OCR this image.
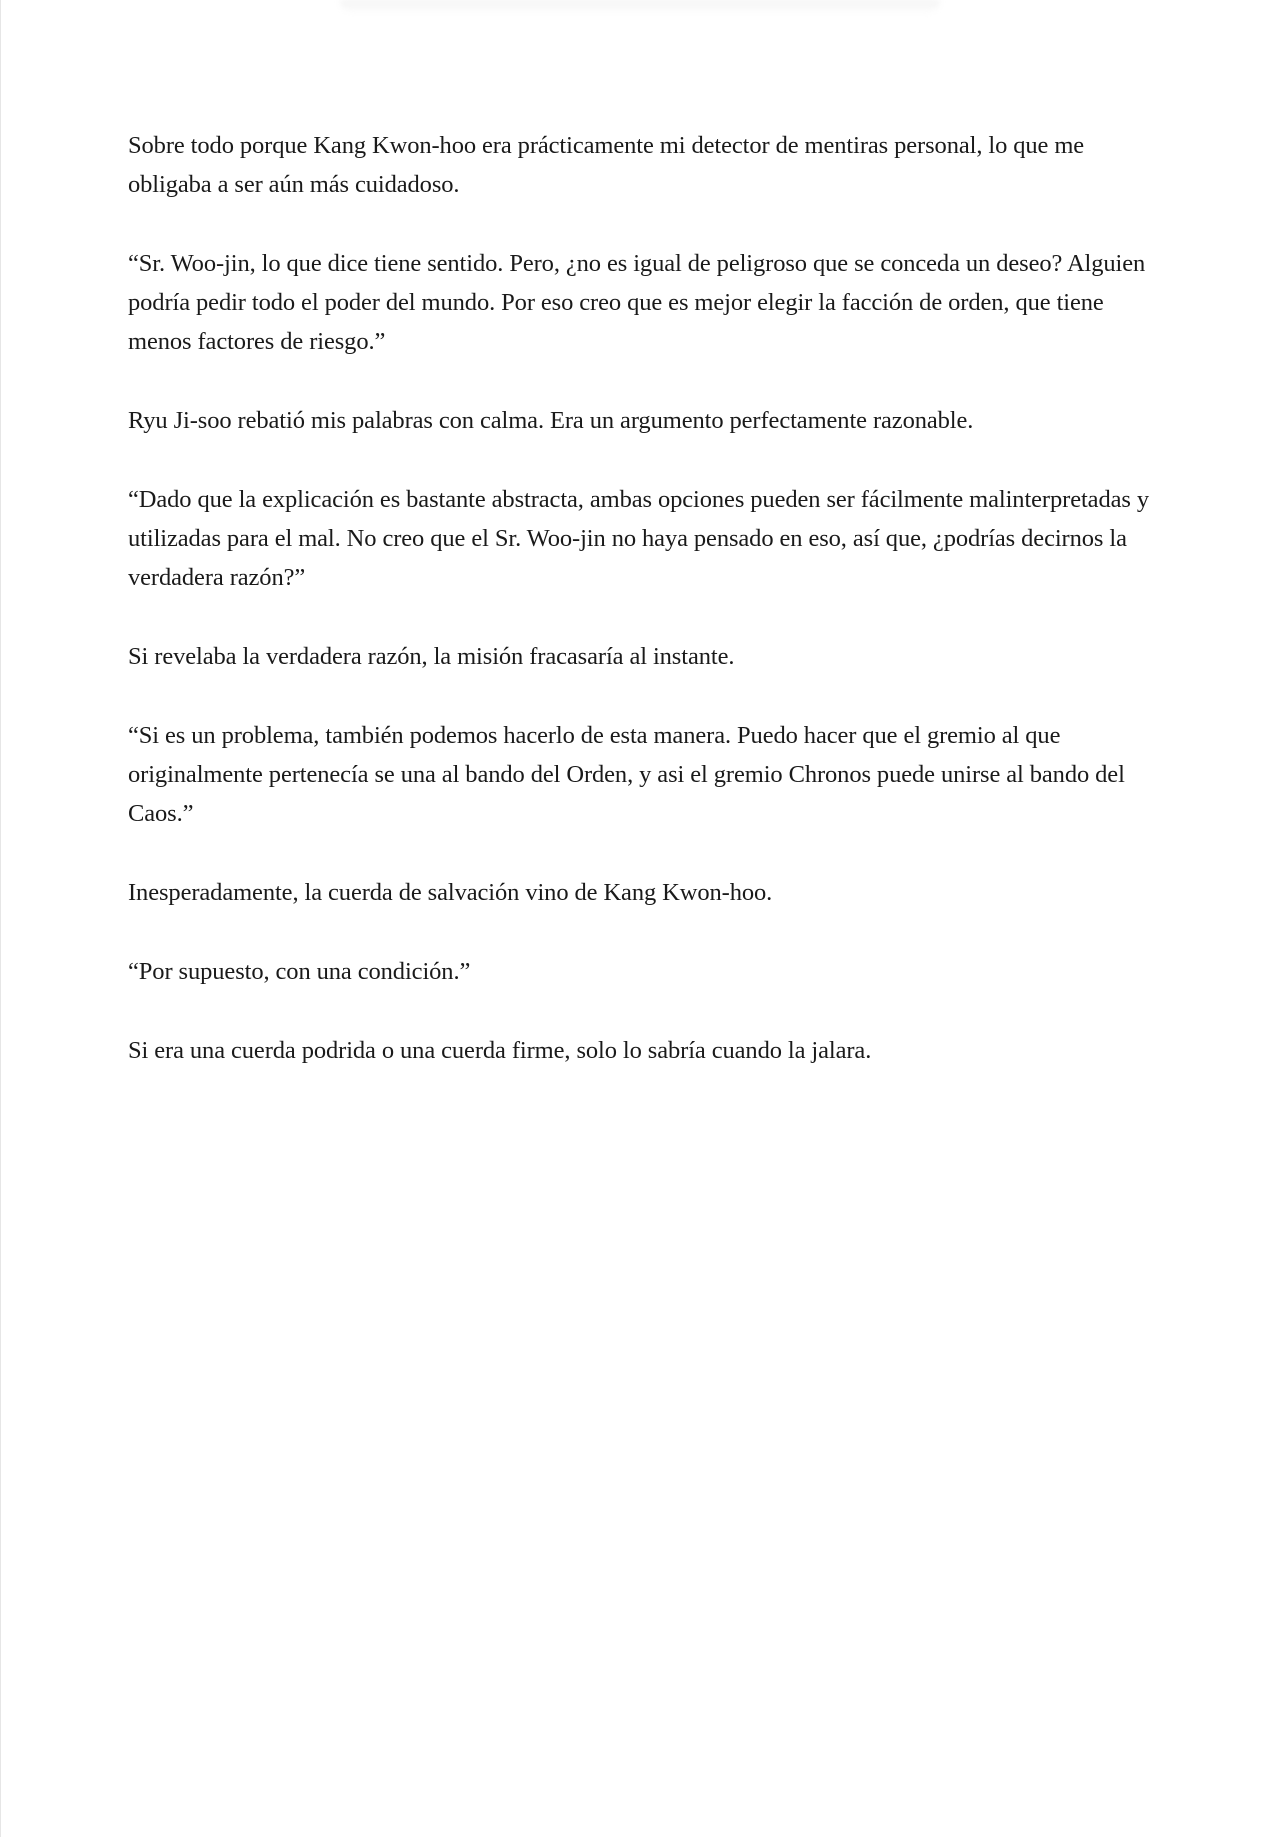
Sobre todo porque Kang Kwon-hoo era prácticamente mi detector de mentiras personal, lo que me obligaba a ser aún más cuidadoso.

“Sr. Woo-jin, lo que dice tiene sentido. Pero, ¿no es igual de peligroso que se conceda un deseo? Alguien podría pedir todo el poder del mundo. Por eso creo que es mejor elegir la facción de orden, que tiene menos factores de riesgo.”

Ryu Ji-soo rebatió mis palabras con calma. Era un argumento perfectamente razonable.

“Dado que la explicación es bastante abstracta, ambas opciones pueden ser fácilmente malinterpretadas y utilizadas para el mal. No creo que el Sr. Woo-jin no haya pensado en eso, así que, ¿podrías decirnos la verdadera razón?”

Si revelaba la verdadera razón, la misión fracasaría al instante.

“Si es un problema, también podemos hacerlo de esta manera. Puedo hacer que el gremio al que originalmente pertenecía se una al bando del Orden, y asi el gremio Chronos puede unirse al bando del Caos.”

Inesperadamente, la cuerda de salvación vino de Kang Kwon-hoo.

“Por supuesto, con una condición.”

Si era una cuerda podrida o una cuerda firme, solo lo sabría cuando la jalara.
